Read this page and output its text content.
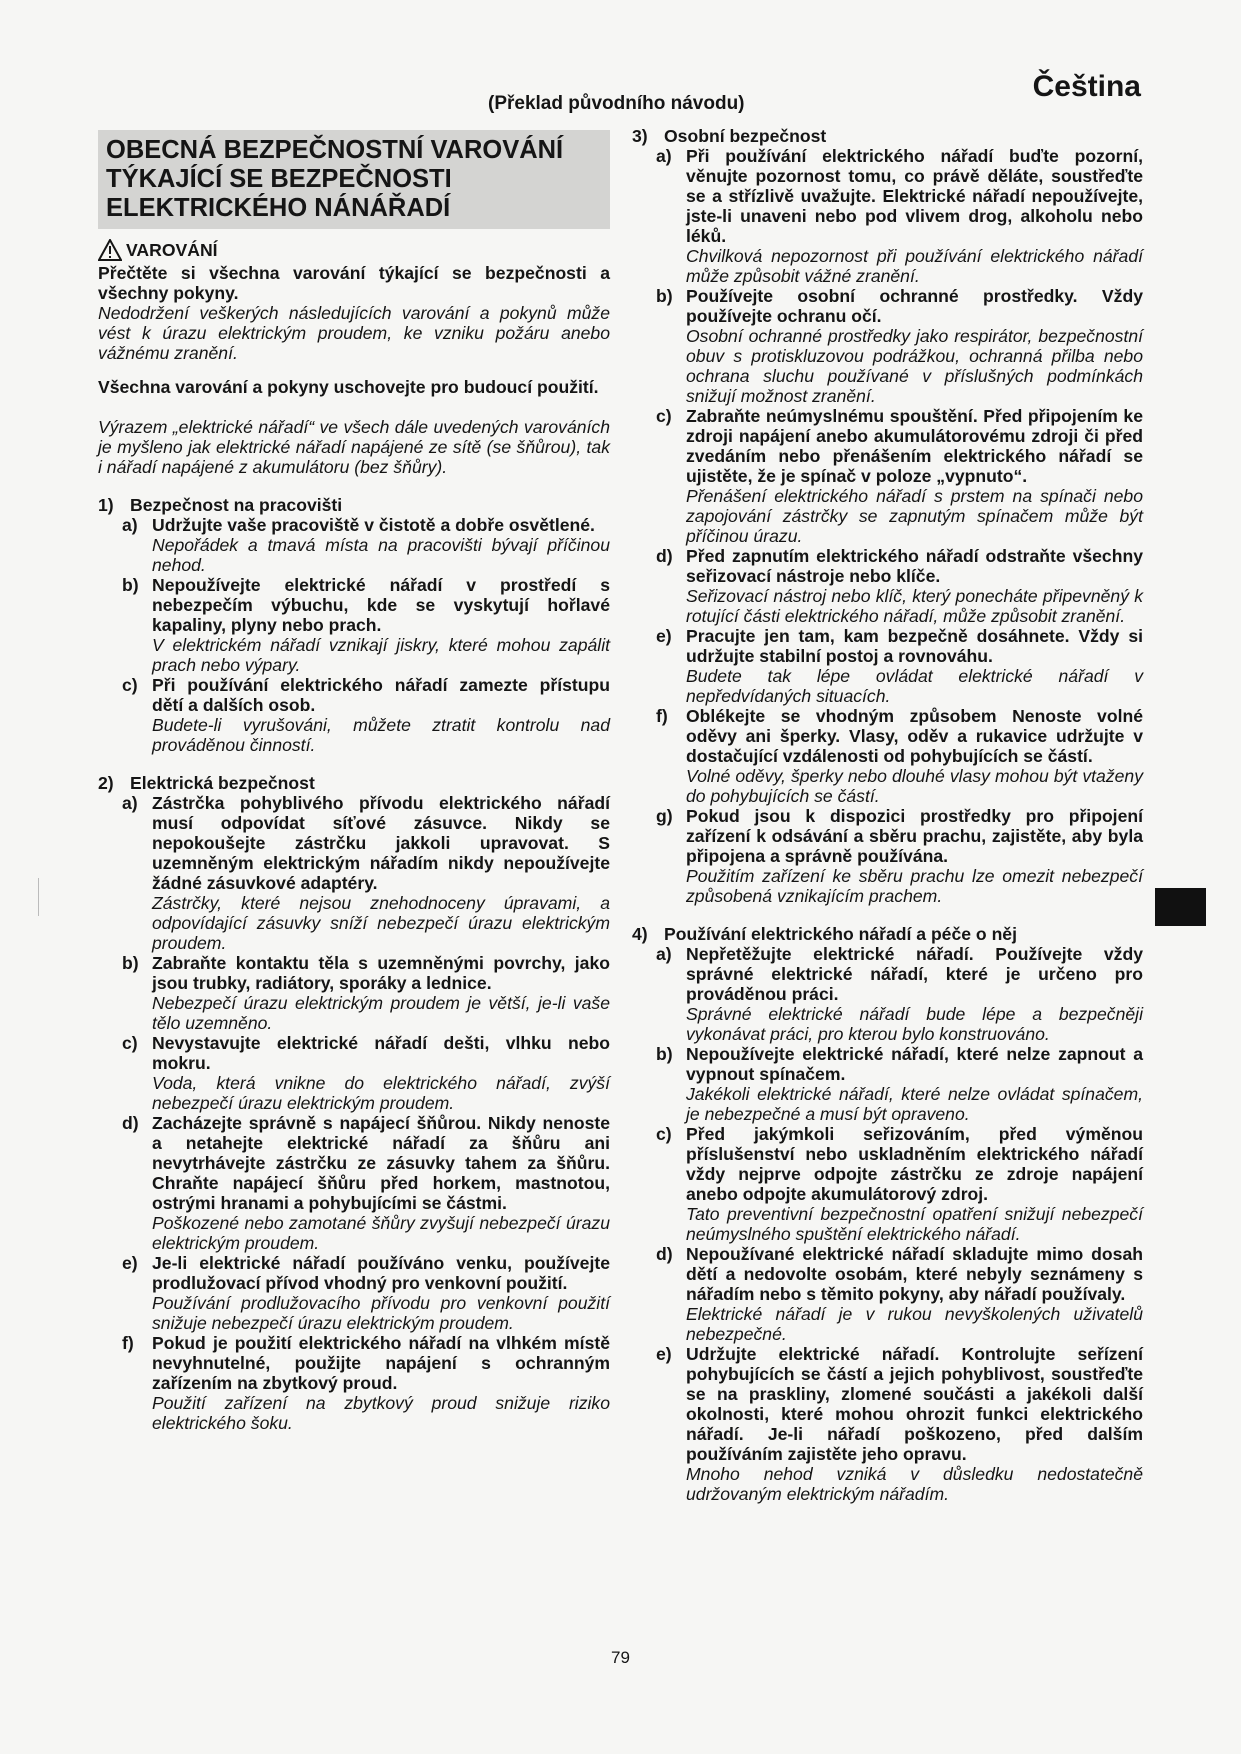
Čeština
(Překlad původního návodu)
OBECNÁ BEZPEČNOSTNÍ VAROVÁNÍ
TÝKAJÍCÍ SE BEZPEČNOSTI
ELEKTRICKÉHO NÁNÁŘADÍ
VAROVÁNÍ
Přečtěte si všechna varování týkající se bezpečnosti a všechny pokyny.
Nedodržení veškerých následujících varování a pokynů může vést k úrazu elektrickým proudem, ke vzniku požáru anebo vážnému zranění.
Všechna varování a pokyny uschovejte pro budoucí použití.
Výrazem „elektrické nářadí“ ve všech dále uvedených varováních je myšleno jak elektrické nářadí napájené ze sítě (se šňůrou), tak i nářadí napájené z akumulátoru (bez šňůry).
1) Bezpečnost na pracovišti
a) Udržujte vaše pracoviště v čistotě a dobře osvětlené.
Nepořádek a tmavá místa na pracovišti bývají příčinou nehod.
b) Nepoužívejte elektrické nářadí v prostředí s nebezpečím výbuchu, kde se vyskytují hořlavé kapaliny, plyny nebo prach.
V elektrickém nářadí vznikají jiskry, které mohou zapálit prach nebo výpary.
c) Při používání elektrického nářadí zamezte přístupu dětí a dalších osob.
Budete-li vyrušováni, můžete ztratit kontrolu nad prováděnou činností.
2) Elektrická bezpečnost
a) Zástrčka pohyblivého přívodu elektrického nářadí musí odpovídat síťové zásuvce. Nikdy se nepokoušejte zástrčku jakkoli upravovat. S uzemněným elektrickým nářadím nikdy nepoužívejte žádné zásuvkové adaptéry.
Zástrčky, které nejsou znehodnoceny úpravami, a odpovídající zásuvky sníží nebezpečí úrazu elektrickým proudem.
b) Zabraňte kontaktu těla s uzemněnými povrchy, jako jsou trubky, radiátory, sporáky a lednice.
Nebezpečí úrazu elektrickým proudem je větší, je-li vaše tělo uzemněno.
c) Nevystavujte elektrické nářadí dešti, vlhku nebo mokru.
Voda, která vnikne do elektrického nářadí, zvýší nebezpečí úrazu elektrickým proudem.
d) Zacházejte správně s napájecí šňůrou. Nikdy nenoste a netahejte elektrické nářadí za šňůru ani nevytrhávejte zástrčku ze zásuvky tahem za šňůru. Chraňte napájecí šňůru před horkem, mastnotou, ostrými hranami a pohybujícími se částmi.
Poškozené nebo zamotané šňůry zvyšují nebezpečí úrazu elektrickým proudem.
e) Je-li elektrické nářadí používáno venku, používejte prodlužovací přívod vhodný pro venkovní použití.
Používání prodlužovacího přívodu pro venkovní použití snižuje nebezpečí úrazu elektrickým proudem.
f)	Pokud je použití elektrického nářadí na vlhkém místě nevyhnutelné, použijte napájení s ochranným zařízením na zbytkový proud.
Použití zařízení na zbytkový proud snižuje riziko elektrického šoku.
3) Osobní bezpečnost
a) Při používání elektrického nářadí buďte pozorní, věnujte pozornost tomu, co právě děláte, soustřeďte se a střízlivě uvažujte. Elektrické nářadí nepoužívejte, jste-li unaveni nebo pod vlivem drog, alkoholu nebo léků.
Chvilková nepozornost při používání elektrického nářadí může způsobit vážné zranění.
b) Používejte osobní ochranné prostředky. Vždy používejte ochranu očí.
Osobní ochranné prostředky jako respirátor, bezpečnostní obuv s protiskluzovou podrážkou, ochranná přilba nebo ochrana sluchu používané v příslušných podmínkách snižují možnost zranění.
c) Zabraňte neúmyslnému spouštění. Před připojením ke zdroji napájení anebo akumulátorovému zdroji či před zvedáním nebo přenášením elektrického nářadí se ujistěte, že je spínač v poloze „vypnuto“.
Přenášení elektrického nářadí s prstem na spínači nebo zapojování zástrčky se zapnutým spínačem může být příčinou úrazu.
d) Před zapnutím elektrického nářadí odstraňte všechny seřizovací nástroje nebo klíče.
Seřizovací nástroj nebo klíč, který ponecháte připevněný k rotující části elektrického nářadí, může způsobit zranění.
e) Pracujte jen tam, kam bezpečně dosáhnete. Vždy si udržujte stabilní postoj a rovnováhu.
Budete tak lépe ovládat elektrické nářadí v nepředvídaných situacích.
f)	Oblékejte se vhodným způsobem Nenoste volné oděvy ani šperky. Vlasy, oděv a rukavice udržujte v dostačující vzdálenosti od pohybujících se částí.
Volné oděvy, šperky nebo dlouhé vlasy mohou být vtaženy do pohybujících se částí.
g) Pokud jsou k dispozici prostředky pro připojení zařízení k odsávání a sběru prachu, zajistěte, aby byla připojena a správně používána.
Použitím zařízení ke sběru prachu lze omezit nebezpečí způsobená vznikajícím prachem.
4) Používání elektrického nářadí a péče o něj
a) Nepřetěžujte elektrické nářadí. Používejte vždy správné elektrické nářadí, které je určeno pro prováděnou práci.
Správné elektrické nářadí bude lépe a bezpečněji vykonávat práci, pro kterou bylo konstruováno.
b) Nepoužívejte elektrické nářadí, které nelze zapnout a vypnout spínačem.
Jakékoli elektrické nářadí, které nelze ovládat spínačem, je nebezpečné a musí být opraveno.
c) Před jakýmkoli seřizováním, před výměnou příslušenství nebo uskladněním elektrického nářadí vždy nejprve odpojte zástrčku ze zdroje napájení anebo odpojte akumulátorový zdroj.
Tato preventivní bezpečnostní opatření snižují nebezpečí neúmyslného spuštění elektrického nářadí.
d) Nepoužívané elektrické nářadí skladujte mimo dosah dětí a nedovolte osobám, které nebyly seznámeny s nářadím nebo s těmito pokyny, aby nářadí používaly.
Elektrické nářadí je v rukou nevyškolených uživatelů nebezpečné.
e) Udržujte elektrické nářadí. Kontrolujte seřízení pohybujících se částí a jejich pohyblivost, soustřeďte se na praskliny, zlomené součásti a jakékoli další okolnosti, které mohou ohrozit funkci elektrického nářadí. Je-li nářadí poškozeno, před dalším používáním zajistěte jeho opravu.
Mnoho nehod vzniká v důsledku nedostatečně udržovaným elektrickým nářadím.
79
